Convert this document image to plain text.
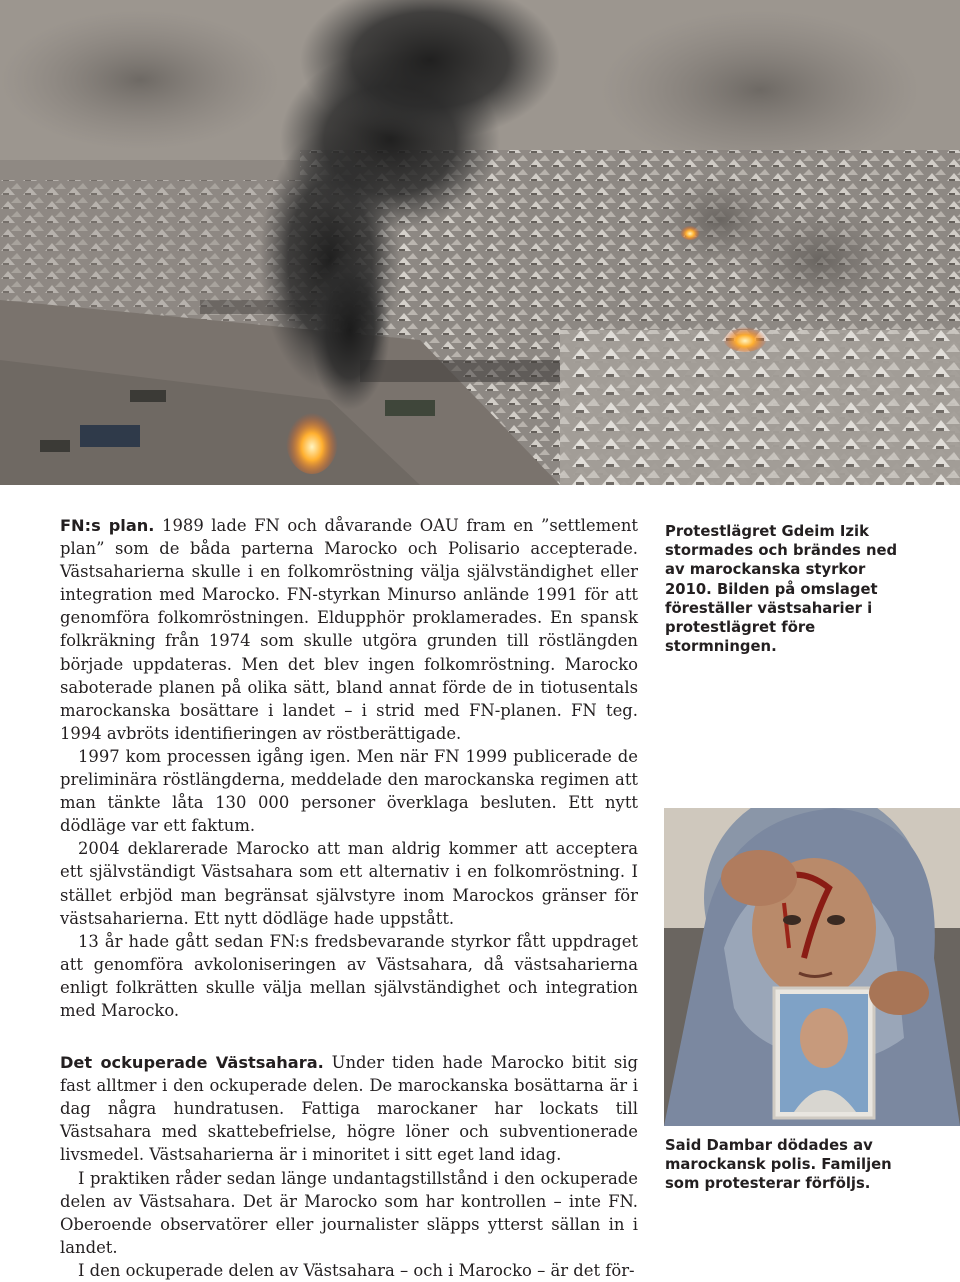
FN:s plan. 1989 lade FN och dåvarande OAU fram en ”settlement plan” som de båda parterna Marocko och Polisario accepterade. Västsaharierna skulle i en folkomröstning välja självständighet eller integration med Marocko. FN-styrkan Minurso anlände 1991 för att genomföra folkomröstningen. Eldupphör proklamerades. En spansk folkräkning från 1974 som skulle utgöra grunden till röstlängden började uppdateras. Men det blev ingen folkomröstning. Marocko saboterade planen på olika sätt, bland annat förde de in tiotusentals marockanska bosättare i landet – i strid med FN-planen. FN teg. 1994 avbröts identifieringen av röstberättigade.

1997 kom processen igång igen. Men när FN 1999 publicerade de preliminära röstlängderna, meddelade den marockanska regimen att man tänkte låta 130 000 personer överklaga besluten. Ett nytt dödläge var ett faktum.

2004 deklarerade Marocko att man aldrig kommer att acceptera ett självständigt Västsahara som ett alternativ i en folkomröstning. I stället erbjöd man begränsat självstyre inom Marockos gränser för västsaharierna. Ett nytt dödläge hade uppstått.

13 år hade gått sedan FN:s fredsbevarande styrkor fått uppdraget att genomföra avkoloniseringen av Västsahara, då västsaharierna enligt folkrätten skulle välja mellan självständighet och integration med Marocko.

Det ockuperade Västsahara. Under tiden hade Marocko bitit sig fast alltmer i den ockuperade delen. De marockanska bosättarna är i dag några hundratusen. Fattiga marockaner har lockats till Västsahara med skattebefrielse, högre löner och subventionerade livsmedel. Västsaharierna är i minoritet i sitt eget land idag.

I praktiken råder sedan länge undantagstillstånd i den ockuperade delen av Västsahara. Det är Marocko som har kontrollen – inte FN. Oberoende observatörer eller journalister släpps ytterst sällan in i landet.

I den ockuperade delen av Västsahara – och i Marocko – är det för-

Protestlägret Gdeim Izik stormades och brändes ned av marockanska styrkor 2010. Bilden på omslaget föreställer västsaharier i protestlägret före stormningen.
Said Dambar dödades av marockansk polis. Familjen som protesterar förföljs.
